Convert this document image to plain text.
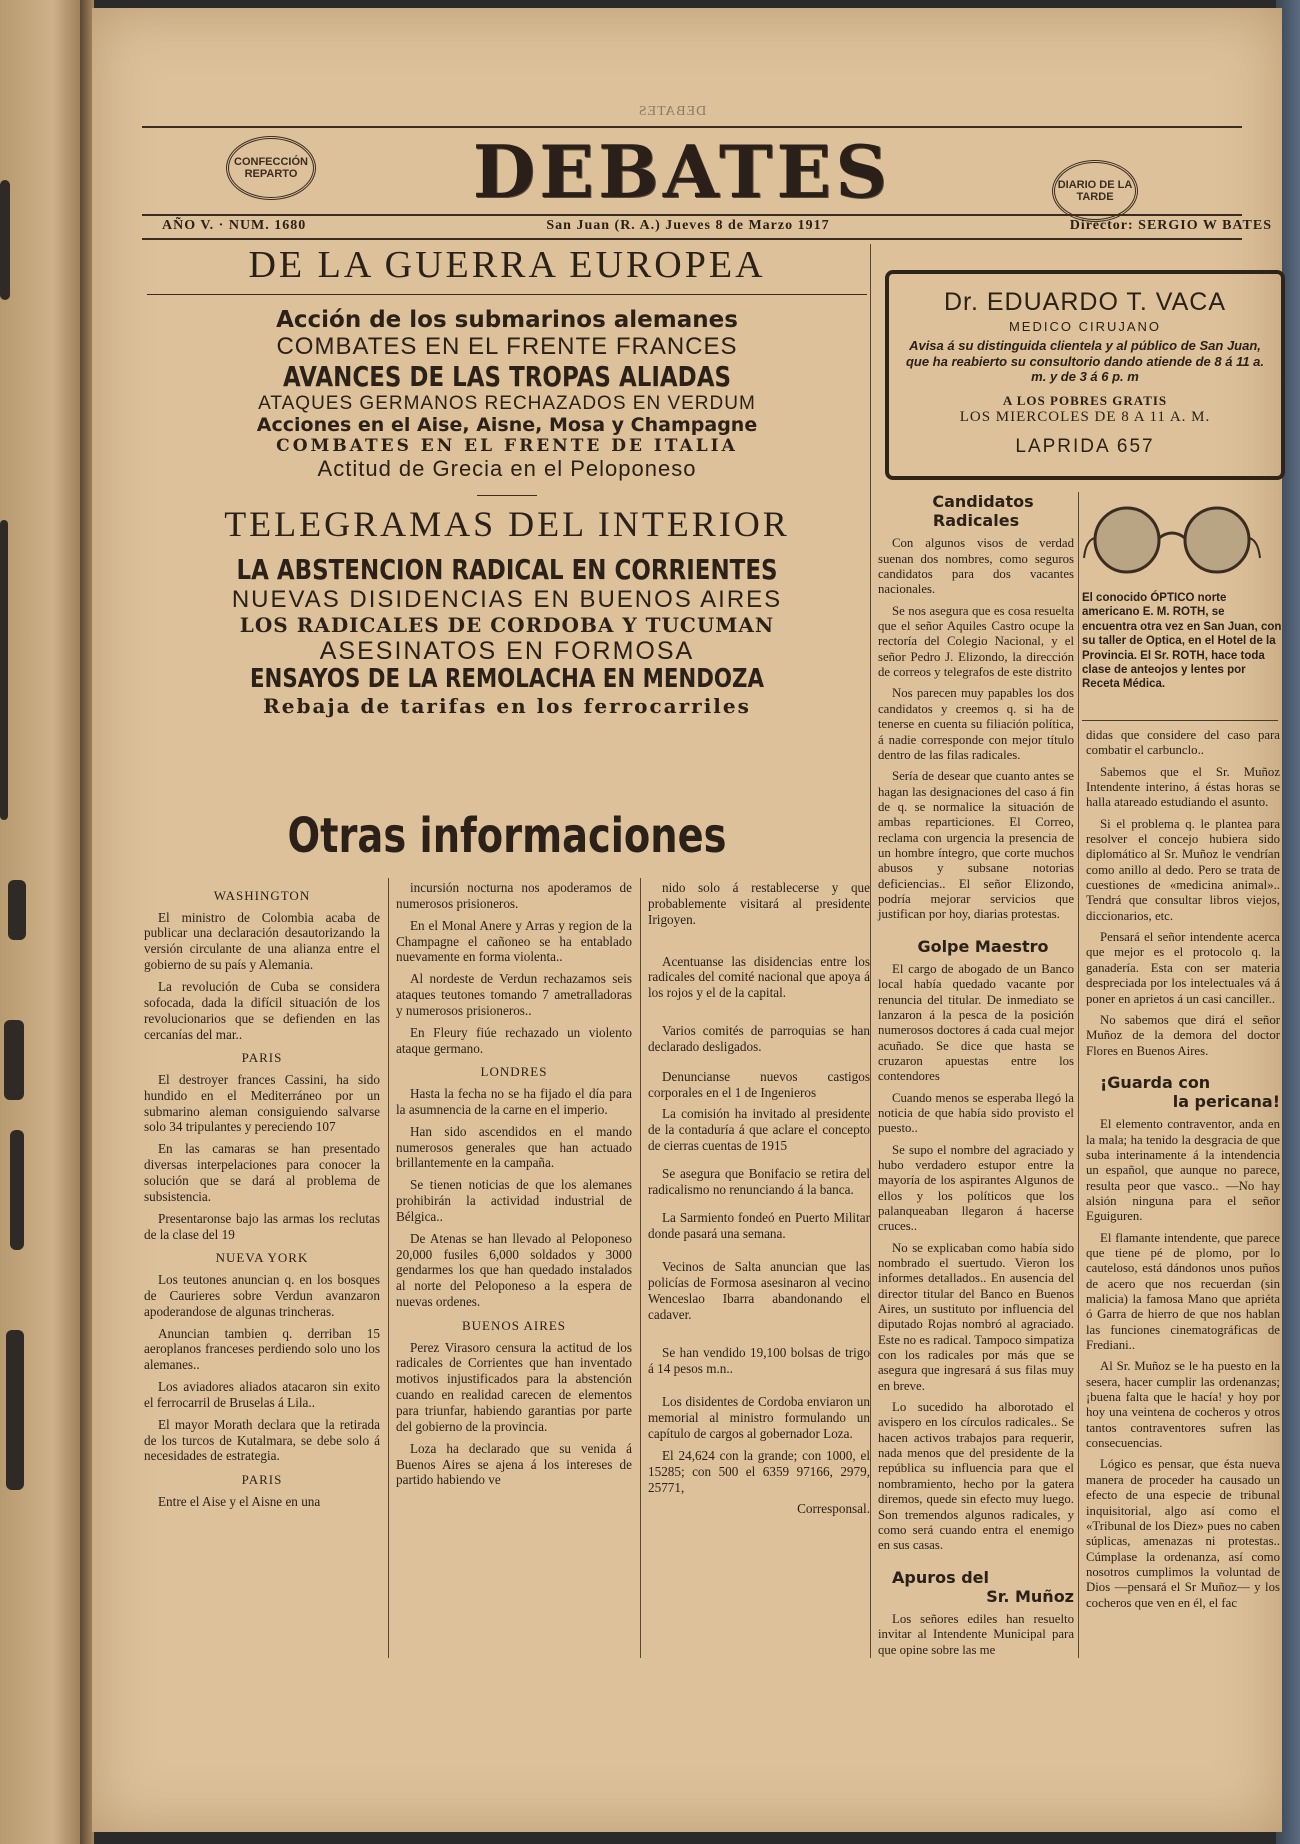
DEBATES
CONFECCIÓN REPARTO	DEBATES	DIARIO DE LA TARDE
AÑO V. · NUM. 1680	San Juan (R. A.) Jueves 8 de Marzo 1917	Director: SERGIO W BATES
DE LA GUERRA EUROPEA
Acción de los submarinos alemanes
COMBATES EN EL FRENTE FRANCES
AVANCES DE LAS TROPAS ALIADAS
ATAQUES GERMANOS RECHAZADOS EN VERDUM
Acciones en el Aise, Aisne, Mosa y Champagne
COMBATES EN EL FRENTE DE ITALIA
Actitud de Grecia en el Peloponeso
TELEGRAMAS DEL INTERIOR
LA ABSTENCION RADICAL EN CORRIENTES
NUEVAS DISIDENCIAS EN BUENOS AIRES
LOS RADICALES DE CORDOBA Y TUCUMAN
ASESINATOS EN FORMOSA
ENSAYOS DE LA REMOLACHA EN MENDOZA
Rebaja de tarifas en los ferrocarriles
Otras informaciones

WASHINGTON

El ministro de Colombia acaba de publicar una declaración desautorizando la versión circulante de una alianza entre el gobierno de su país y Alemania.

La revolución de Cuba se considera sofocada, dada la difícil situación de los revolucionarios que se defienden en las cercanías del mar..

PARIS

El destroyer frances Cassini, ha sido hundido en el Mediterráneo por un submarino aleman consiguiendo salvarse solo 34 tripulantes y pereciendo 107

En las camaras se han presentado diversas interpelaciones para conocer la solución que se dará al problema de subsistencia.

Presentaronse bajo las armas los reclutas de la clase del 19

NUEVA YORK

Los teutones anuncian q. en los bosques de Caurieres sobre Verdun avanzaron apoderandose de algunas trincheras.

Anuncian tambien q. derriban 15 aeroplanos franceses perdiendo solo uno los alemanes..

Los aviadores aliados atacaron sin exito el ferrocarril de Bruselas á Lila..

El mayor Morath declara que la retirada de los turcos de Kutalmara, se debe solo á necesidades de estrategia.

PARIS

Entre el Aise y el Aisne en una

incursión nocturna nos apoderamos de numerosos prisioneros.

En el Monal Anere y Arras y region de la Champagne el cañoneo se ha entablado nuevamente en forma violenta..

Al nordeste de Verdun rechazamos seis ataques teutones tomando 7 ametralladoras y numerosos prisioneros..

En Fleury fiúe rechazado un violento ataque germano.

LONDRES

Hasta la fecha no se ha fijado el día para la asumnencia de la carne en el imperio.

Han sido ascendidos en el mando numerosos generales que han actuado brillantemente en la campaña.

Se tienen noticias de que los alemanes prohibirán la actividad industrial de Bélgica..

De Atenas se han llevado al Peloponeso 20,000 fusiles 6,000 soldados y 3000 gendarmes los que han quedado instalados al norte del Peloponeso a la espera de nuevas ordenes.

BUENOS AIRES

Perez Virasoro censura la actitud de los radicales de Corrientes que han inventado motivos injustificados para la abstención cuando en realidad carecen de elementos para triunfar, habiendo garantias por parte del gobierno de la provincia.

Loza ha declarado que su venida á Buenos Aires se ajena á los intereses de partido habiendo ve

nido solo á restablecerse y que probablemente visitará al presidente Irigoyen.

Acentuanse las disidencias entre los radicales del comité nacional que apoya á los rojos y el de la capital.

Varios comités de parroquias se han declarado desligados.

Denuncianse nuevos castigos corporales en el 1 de Ingenieros

La comisión ha invitado al presidente de la contaduría á que aclare el concepto de cierras cuentas de 1915

Se asegura que Bonifacio se retira del radicalismo no renunciando á la banca.

La Sarmiento fondeó en Puerto Militar donde pasará una semana.

Vecinos de Salta anuncian que las policías de Formosa asesinaron al vecino Wenceslao Ibarra abandonando el cadaver.

Se han vendido 19,100 bolsas de trigo á 14 pesos m.n..

Los disidentes de Cordoba enviaron un memorial al ministro formulando un capítulo de cargos al gobernador Loza.

El 24,624 con la grande; con 1000, el 15285; con 500 el 6359 97166, 2979, 25771,

Corresponsal.

Dr. EDUARDO T. VACA
MEDICO CIRUJANO
Avisa á su distinguida clientela y al público de San Juan, que ha reabierto su consultorio dando atiende de 8 á 11 a. m. y de 3 á 6 p. m
A LOS POBRES GRATIS
LOS MIERCOLES DE 8 A 11 A. M.
LAPRIDA 657

Candidatos Radicales

Con algunos visos de verdad suenan dos nombres, como seguros candidatos para dos vacantes nacionales.

Se nos asegura que es cosa resuelta que el señor Aquiles Castro ocupe la rectoría del Colegio Nacional, y el señor Pedro J. Elizondo, la dirección de correos y telegrafos de este distrito

Nos parecen muy papables los dos candidatos y creemos q. si ha de tenerse en cuenta su filiación política, á nadie corresponde con mejor título dentro de las filas radicales.

Sería de desear que cuanto antes se hagan las designaciones del caso á fin de q. se normalice la situación de ambas reparticiones. El Correo, reclama con urgencia la presencia de un hombre íntegro, que corte muchos abusos y subsane notorias deficiencias.. El señor Elizondo, podría mejorar servicios que justifican por hoy, diarias protestas.

Golpe Maestro

El cargo de abogado de un Banco local había quedado vacante por renuncia del titular. De inmediato se lanzaron á la pesca de la posición numerosos doctores á cada cual mejor acuñado. Se dice que hasta se cruzaron apuestas entre los contendores

Cuando menos se esperaba llegó la noticia de que había sido provisto el puesto..

Se supo el nombre del agraciado y hubo verdadero estupor entre la mayoría de los aspirantes Algunos de ellos y los políticos que los palanqueaban llegaron á hacerse cruces..

No se explicaban como había sido nombrado el suertudo. Vieron los informes detallados.. En ausencia del director titular del Banco en Buenos Aires, un sustituto por influencia del diputado Rojas nombró al agraciado. Este no es radical. Tampoco simpatiza con los radicales por más que se asegura que ingresará á sus filas muy en breve.

Lo sucedido ha alborotado el avispero en los círculos radicales.. Se hacen activos trabajos para requerir, nada menos que del presidente de la república su influencia para que el nombramiento, hecho por la gatera diremos, quede sin efecto muy luego. Son tremendos algunos radicales, y como será cuando entra el enemigo en sus casas.

Apuros del

Sr. Muñoz

Los señores ediles han resuelto invitar al Intendente Municipal para que opine sobre las me

El conocido ÓPTICO norte americano E. M. ROTH, se encuentra otra vez en San Juan, con su taller de Optica, en el Hotel de la Provincia. El Sr. ROTH, hace toda clase de anteojos y lentes por Receta Médica.

didas que considere del caso para combatir el carbunclo..

Sabemos que el Sr. Muñoz Intendente interino, á éstas horas se halla atareado estudiando el asunto.

Si el problema q. le plantea para resolver el concejo hubiera sido diplomático al Sr. Muñoz le vendrían como anillo al dedo. Pero se trata de cuestiones de «medicina animal».. Tendrá que consultar libros viejos, diccionarios, etc.

Pensará el señor intendente acerca que mejor es el protocolo q. la ganadería. Esta con ser materia despreciada por los intelectuales vá á poner en aprietos á un casi canciller..

No sabemos que dirá el señor Muñoz de la demora del doctor Flores en Buenos Aires.

¡Guarda con

la pericana!

El elemento contraventor, anda en la mala; ha tenido la desgracia de que suba interinamente á la intendencia un español, que aunque no parece, resulta peor que vasco.. —No hay alsión ninguna para el señor Eguiguren.

El flamante intendente, que parece que tiene pé de plomo, por lo cauteloso, está dándonos unos puños de acero que nos recuerdan (sin malicia) la famosa Mano que apriéta ó Garra de hierro de que nos hablan las funciones cinematográficas de Frediani..

Al Sr. Muñoz se le ha puesto en la sesera, hacer cumplir las ordenanzas; ¡buena falta que le hacía! y hoy por hoy una veintena de cocheros y otros tantos contraventores sufren las consecuencias.

Lógico es pensar, que ésta nueva manera de proceder ha causado un efecto de una especie de tribunal inquisitorial, algo así como el «Tribunal de los Diez» pues no caben súplicas, amenazas ni protestas.. Cúmplase la ordenanza, así como nosotros cumplimos la voluntad de Dios —pensará el Sr Muñoz— y los cocheros que ven en él, el fac
